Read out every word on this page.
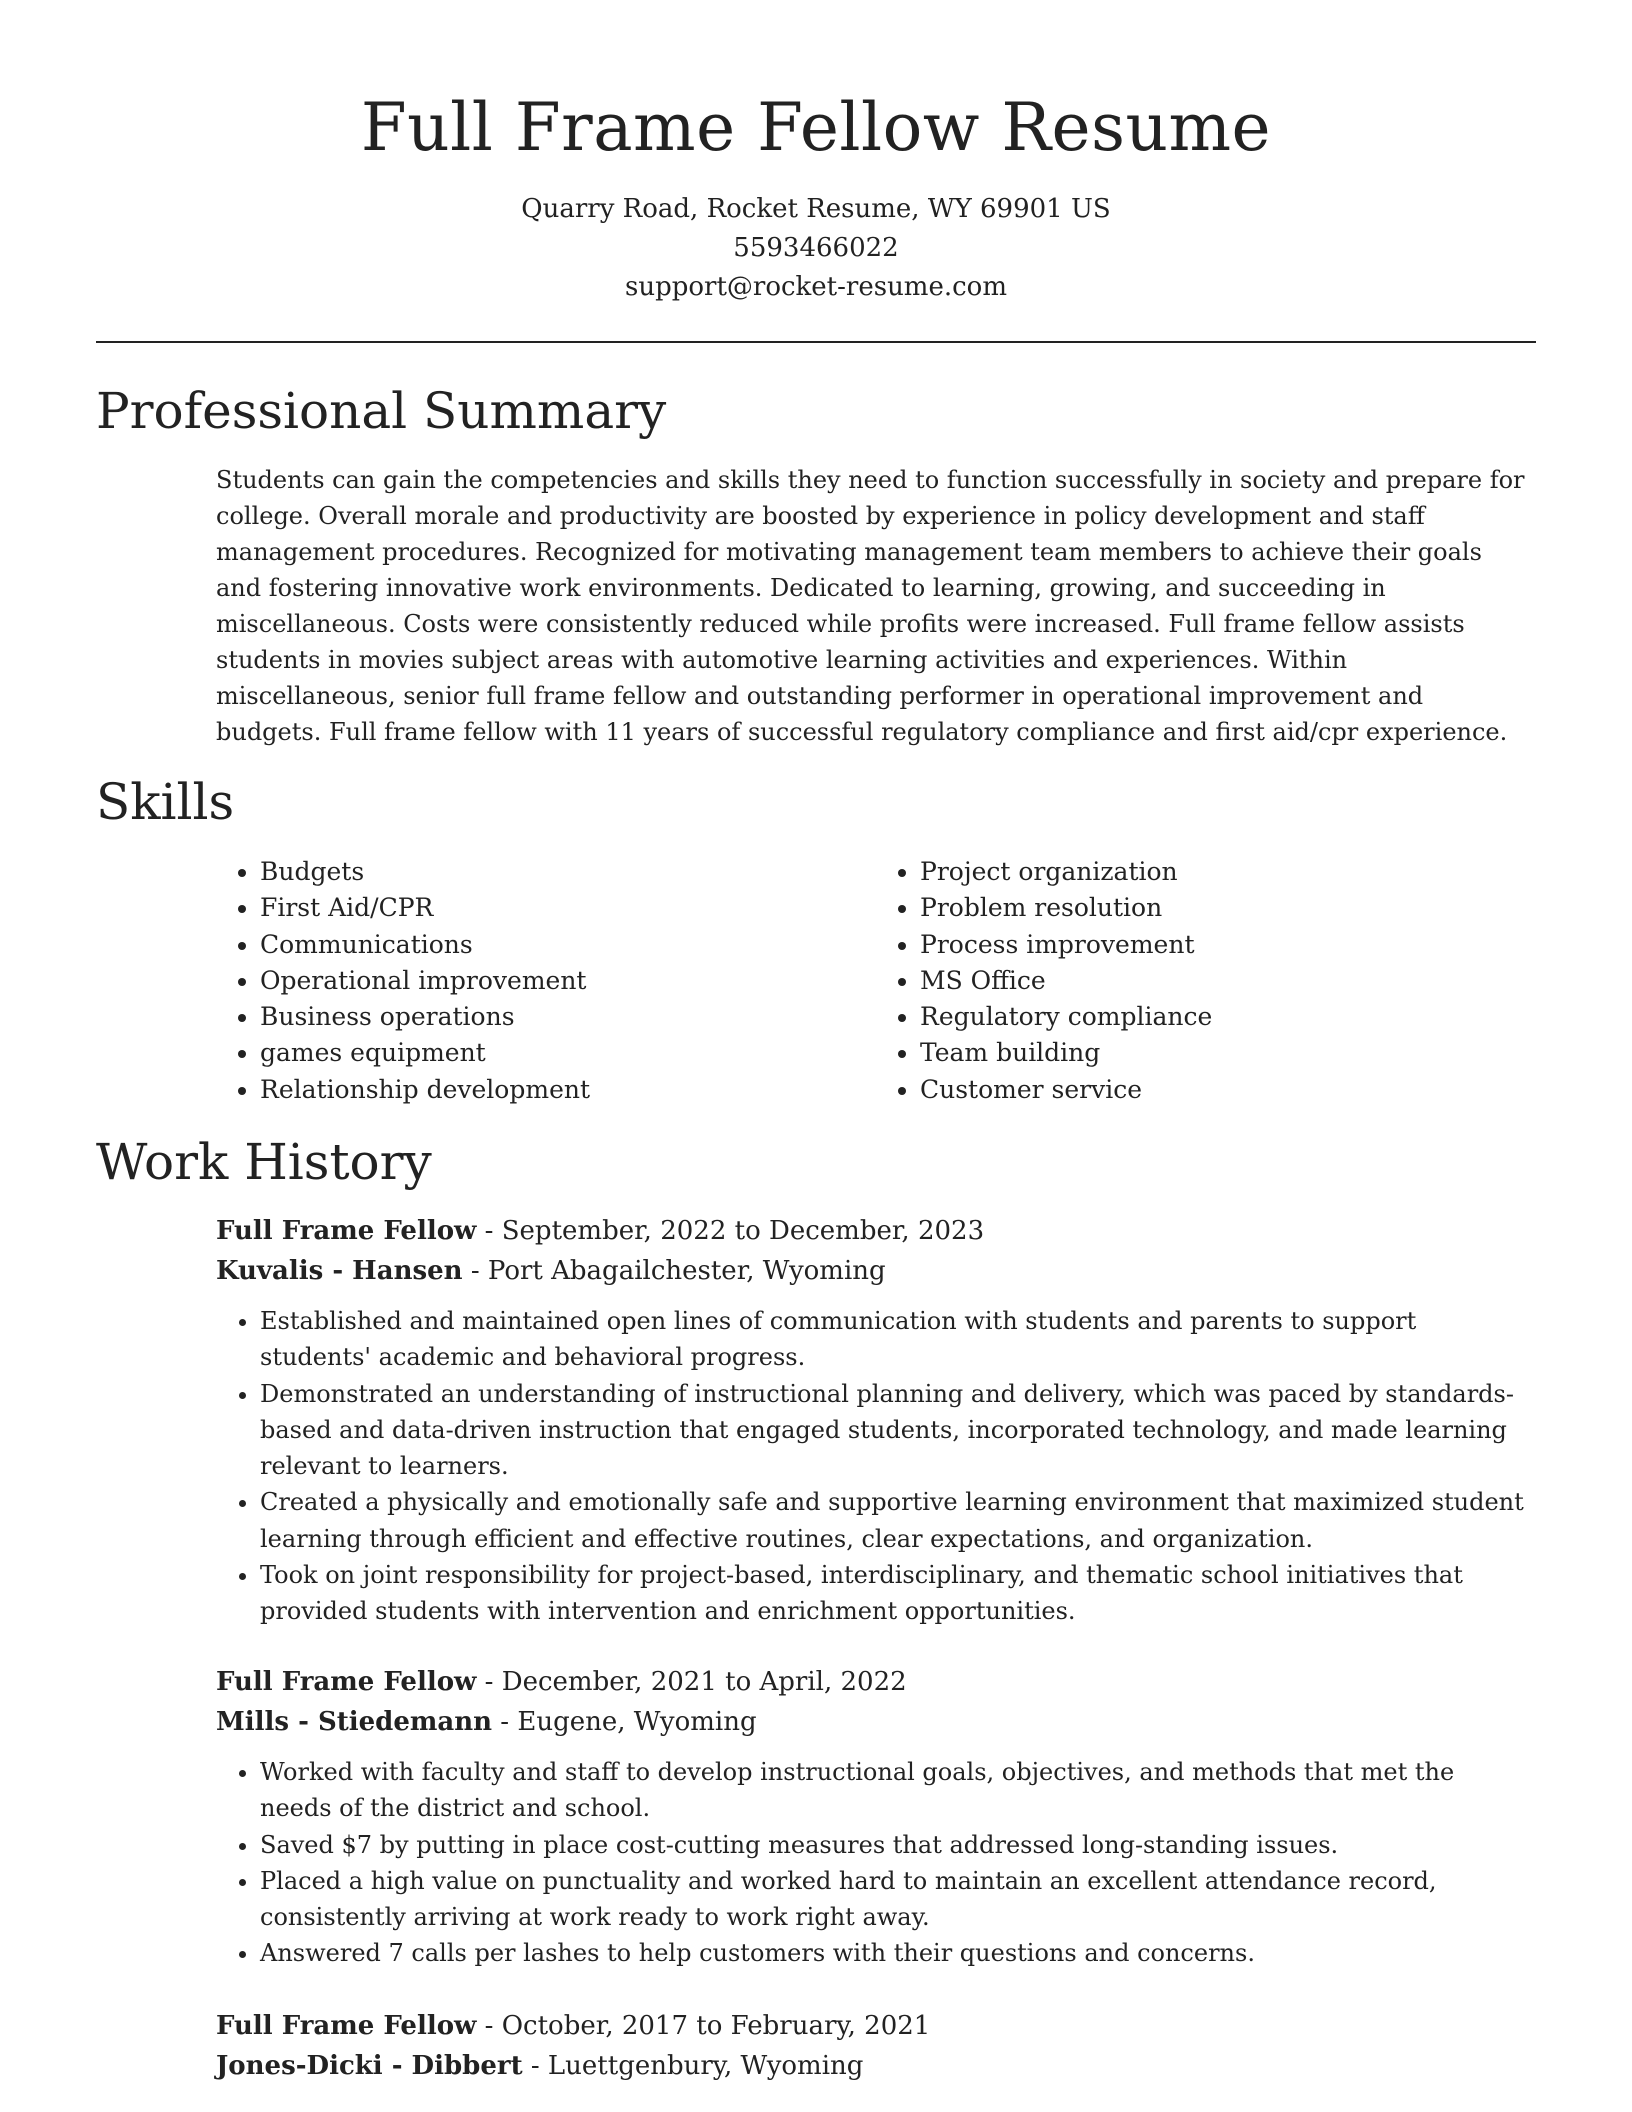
Full Frame Fellow Resume
Quarry Road, Rocket Resume, WY 69901 US
5593466022
support@rocket-resume.com
Professional Summary

Students can gain the competencies and skills they need to function successfully in society and prepare for college. Overall morale and productivity are boosted by experience in policy development and staff management procedures. Recognized for motivating management team members to achieve their goals and fostering innovative work environments. Dedicated to learning, growing, and succeeding in miscellaneous. Costs were consistently reduced while profits were increased. Full frame fellow assists students in movies subject areas with automotive learning activities and experiences. Within miscellaneous, senior full frame fellow and outstanding performer in operational improvement and budgets. Full frame fellow with 11 years of successful regulatory compliance and first aid/cpr experience.

Skills
• Budgets
• First Aid/CPR
• Communications
• Operational improvement
• Business operations
• games equipment
• Relationship development
• Project organization
• Problem resolution
• Process improvement
• MS Office
• Regulatory compliance
• Team building
• Customer service
Work History
Full Frame Fellow - September, 2022 to December, 2023
Kuvalis - Hansen - Port Abagailchester, Wyoming
• Established and maintained open lines of communication with students and parents to support students' academic and behavioral progress.
• Demonstrated an understanding of instructional planning and delivery, which was paced by standards-based and data-driven instruction that engaged students, incorporated technology, and made learning relevant to learners.
• Created a physically and emotionally safe and supportive learning environment that maximized student learning through efficient and effective routines, clear expectations, and organization.
• Took on joint responsibility for project-based, interdisciplinary, and thematic school initiatives that provided students with intervention and enrichment opportunities.
Full Frame Fellow - December, 2021 to April, 2022
Mills - Stiedemann - Eugene, Wyoming
• Worked with faculty and staff to develop instructional goals, objectives, and methods that met the needs of the district and school.
• Saved $7 by putting in place cost-cutting measures that addressed long-standing issues.
• Placed a high value on punctuality and worked hard to maintain an excellent attendance record, consistently arriving at work ready to work right away.
• Answered 7 calls per lashes to help customers with their questions and concerns.
Full Frame Fellow - October, 2017 to February, 2021
Jones-Dicki - Dibbert - Luettgenbury, Wyoming
